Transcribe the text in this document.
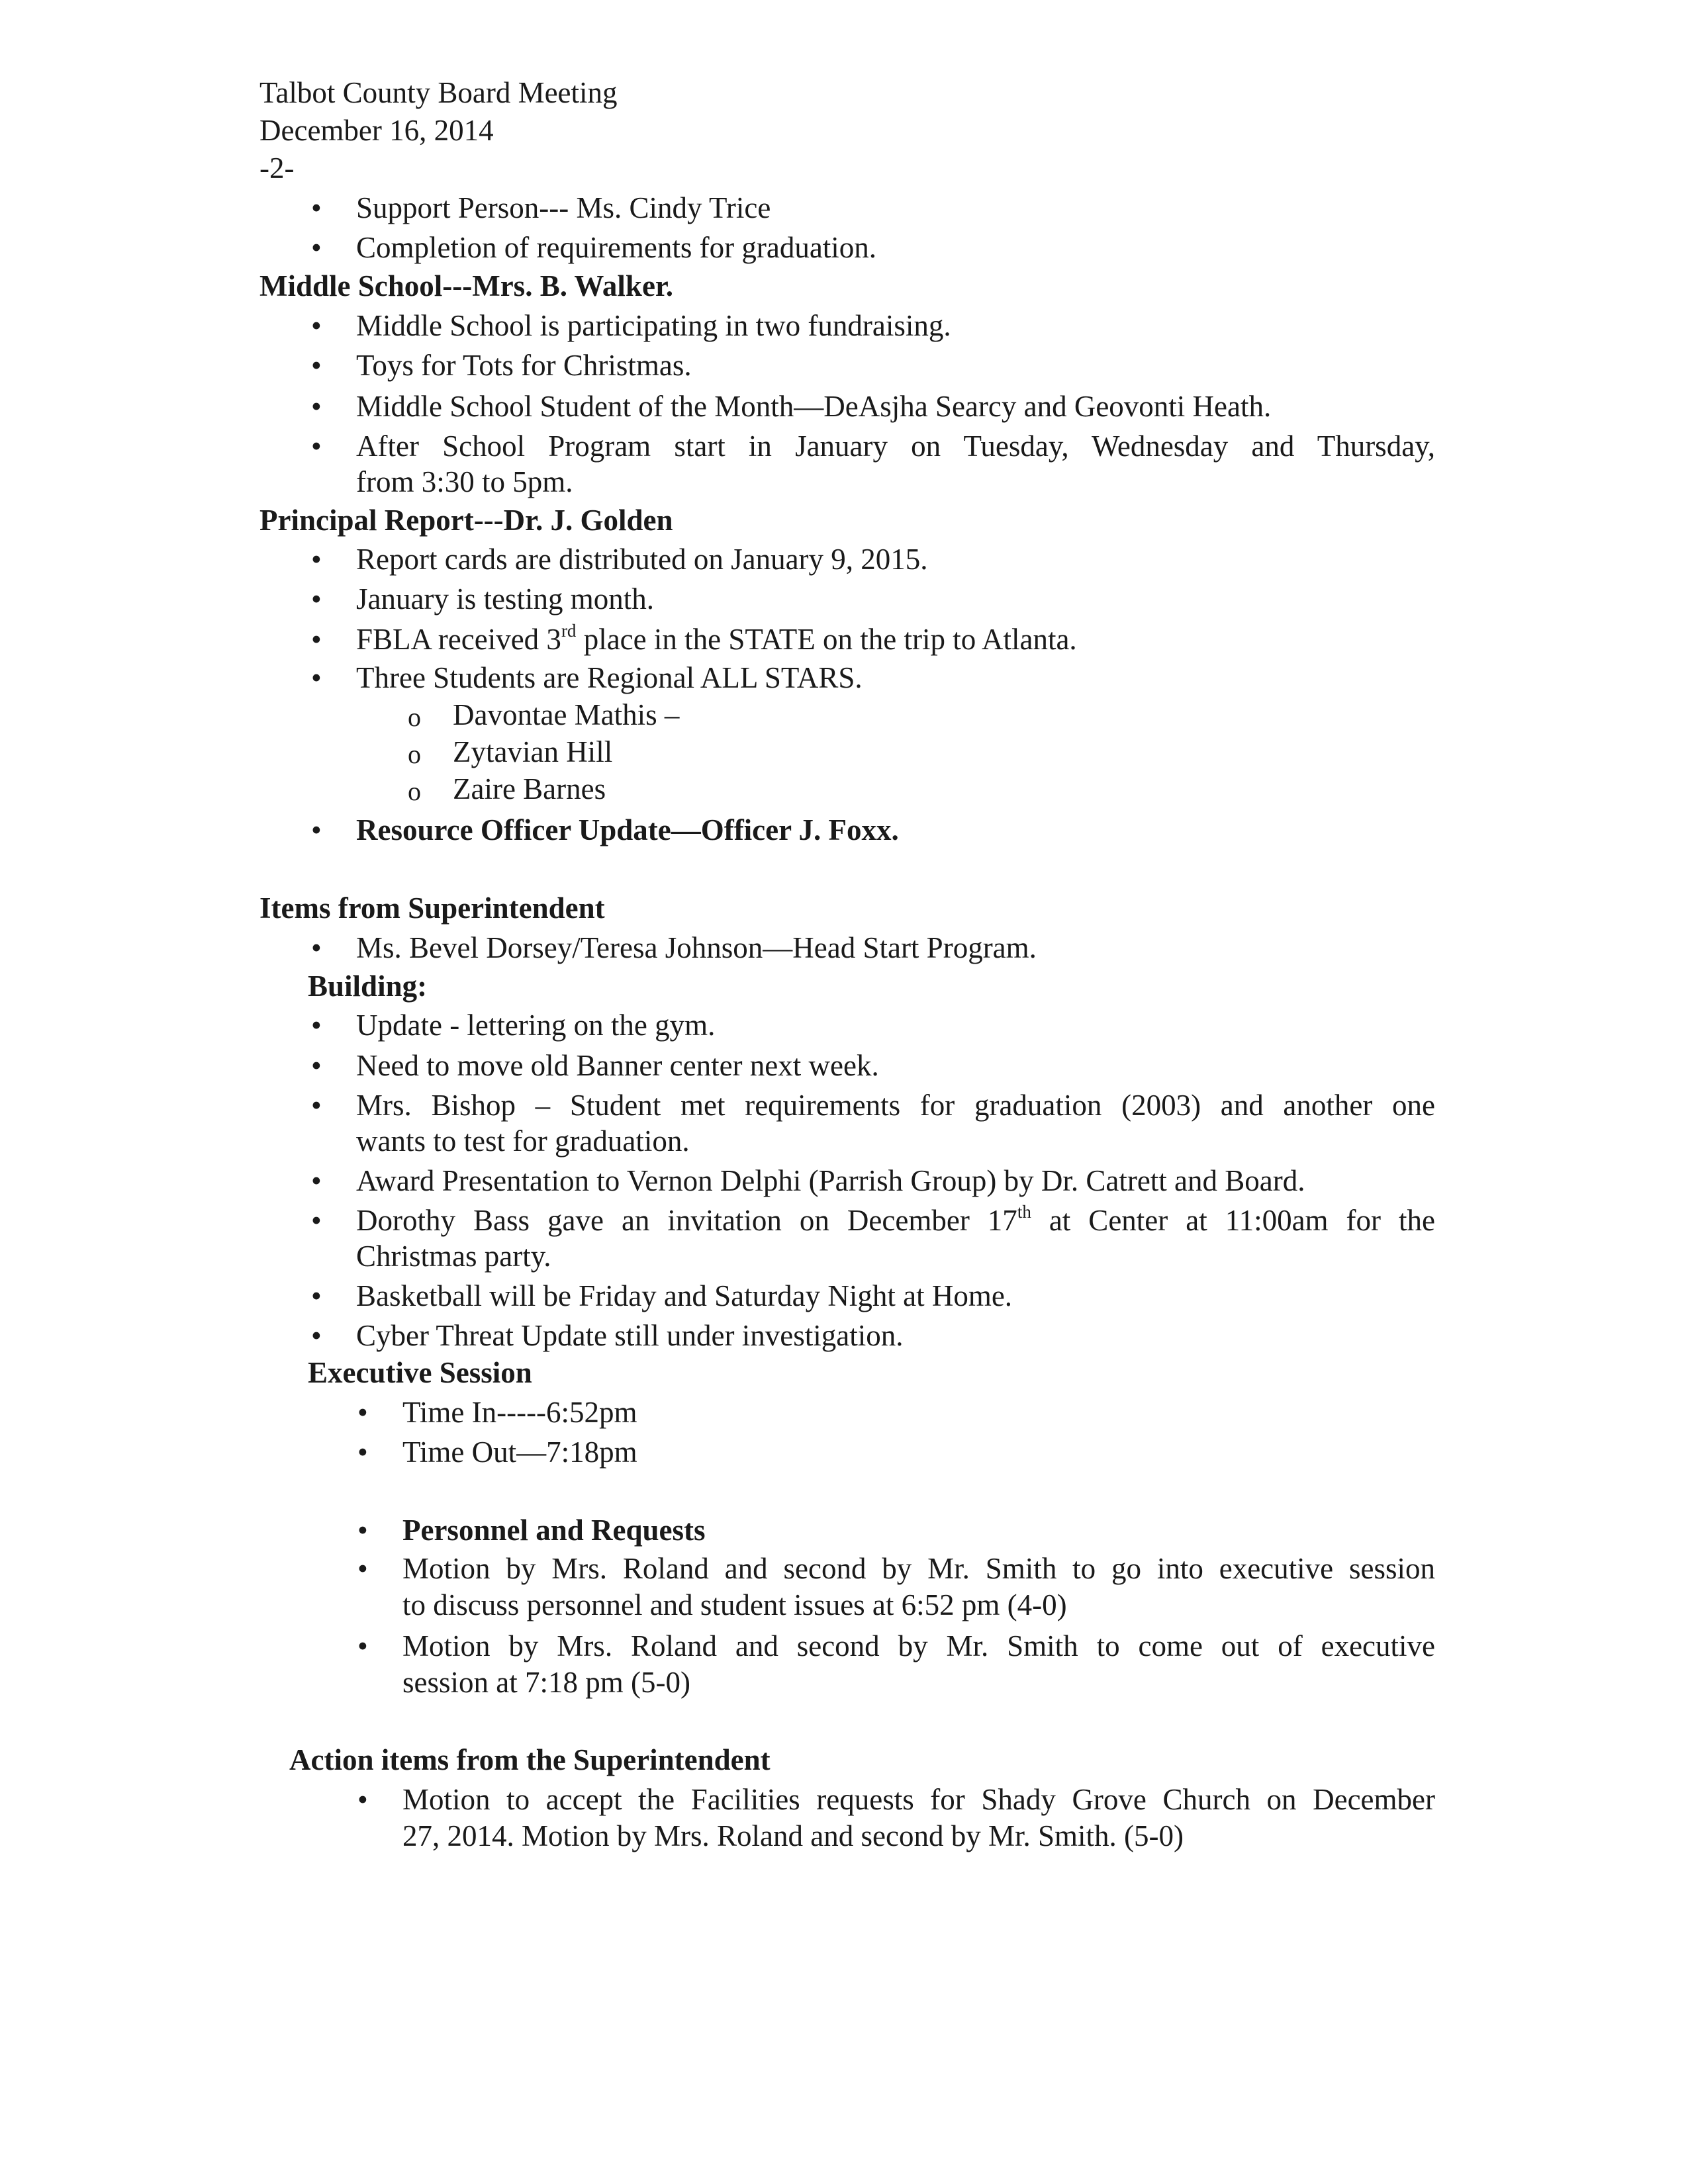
Talbot County Board Meeting
December 16, 2014
-2-
•
Support Person--- Ms. Cindy Trice
•
Completion of requirements for graduation.
Middle School---Mrs. B. Walker.
•
Middle School is participating in two fundraising.
•
Toys for Tots for Christmas.
•
Middle School Student of the Month—DeAsjha Searcy and Geovonti Heath.
•
After School Program start in January on Tuesday, Wednesday and Thursday,
from 3:30 to 5pm.
Principal Report---Dr. J. Golden
•
Report cards are distributed on January 9, 2015.
•
January is testing month.
•
FBLA received 3rd place in the STATE on the trip to Atlanta.
•
Three Students are Regional ALL STARS.
o
Davontae Mathis –
o
Zytavian Hill
o
Zaire Barnes
•
Resource Officer Update—Officer J. Foxx.
Items from Superintendent
•
Ms. Bevel Dorsey/Teresa Johnson—Head Start Program.
Building:
•
Update - lettering on the gym.
•
Need to move old Banner center next week.
•
Mrs. Bishop – Student met requirements for graduation (2003) and another one
wants to test for graduation.
•
Award Presentation to Vernon Delphi (Parrish Group) by Dr. Catrett and Board.
•
Dorothy Bass gave an invitation on December 17th at Center at 11:00am for the
Christmas party.
•
Basketball will be Friday and Saturday Night at Home.
•
Cyber Threat Update still under investigation.
Executive Session
•
Time In-----6:52pm
•
Time Out—7:18pm
•
Personnel and Requests
•
Motion by Mrs. Roland and second by Mr. Smith to go into executive session
to discuss personnel and student issues at 6:52 pm (4-0)
•
Motion by Mrs. Roland and second by Mr. Smith to come out of executive
session at 7:18 pm (5-0)
Action items from the Superintendent
•
Motion to accept the Facilities requests for Shady Grove Church on December
27, 2014. Motion by Mrs. Roland and second by Mr. Smith. (5-0)
